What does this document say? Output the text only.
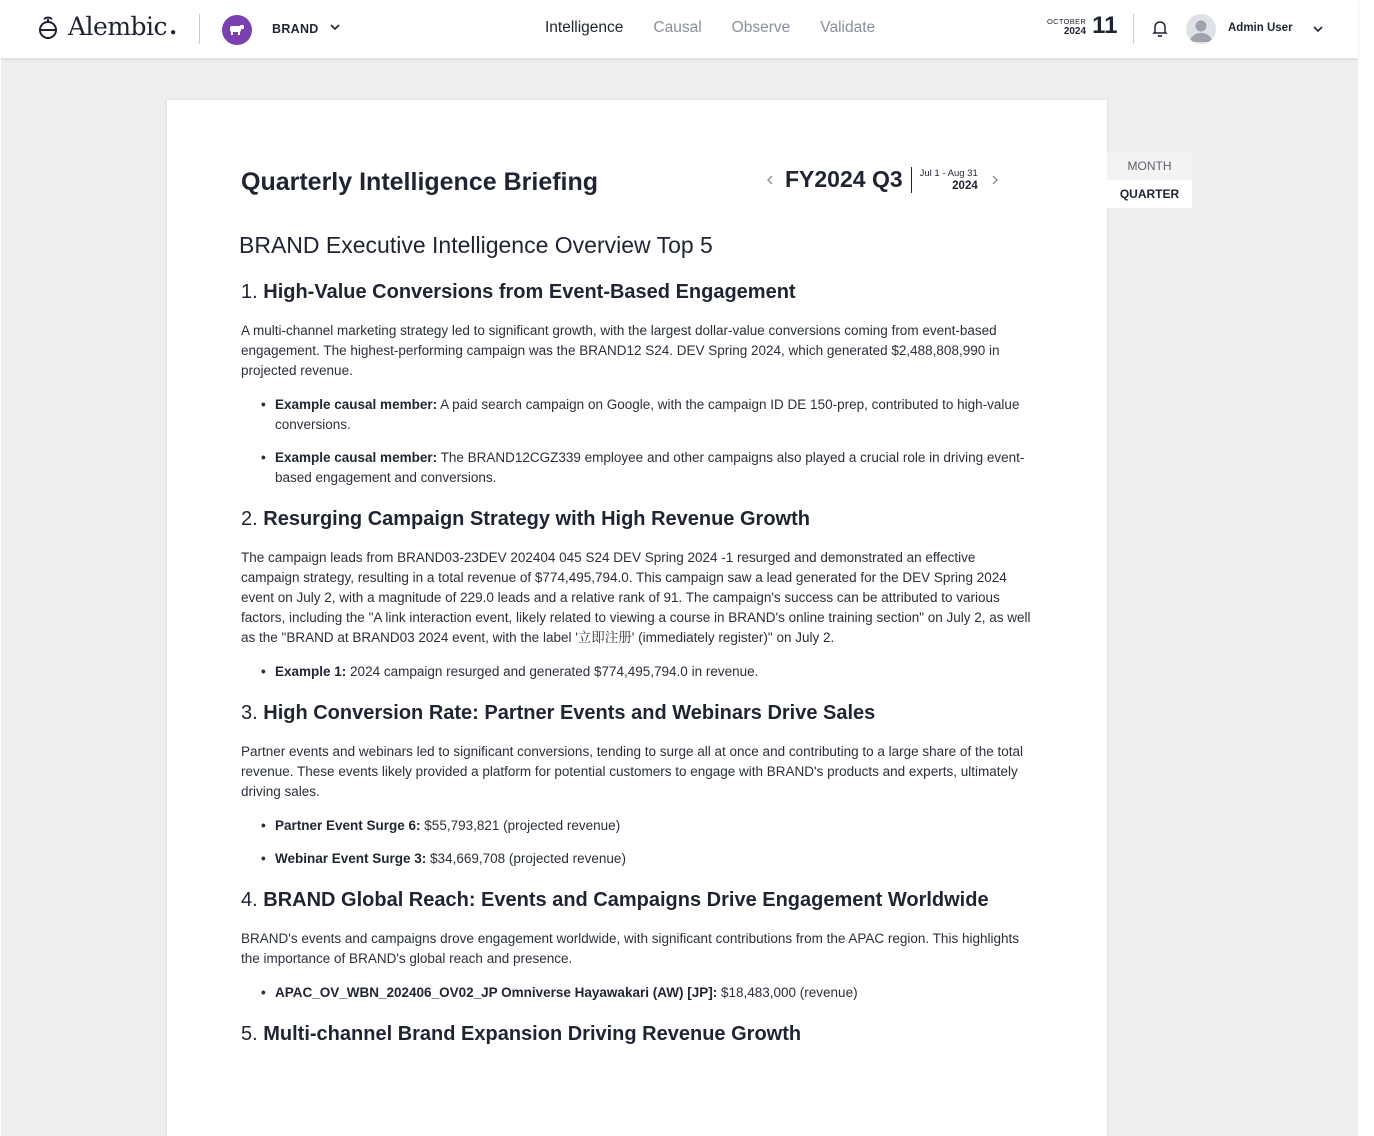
Alembic ●	BRAND	Intelligence Causal Observe Validate	OCTOBER
2024 11	Admin User
Quarterly Intelligence Briefing	FY2024 Q3 Jul 1 - Aug 31
2024
BRAND Executive Intelligence Overview Top 5
1. High-Value Conversions from Event-Based Engagement

A multi-channel marketing strategy led to significant growth, with the largest dollar-value conversions coming from event-based engagement. The highest-performing campaign was the BRAND12 S24. DEV Spring 2024, which generated $2,488,808,990 in projected revenue.

• Example causal member: A paid search campaign on Google, with the campaign ID DE 150-prep, contributed to high-value conversions.
• Example causal member: The BRAND12CGZ339 employee and other campaigns also played a crucial role in driving event-based engagement and conversions.
2. Resurging Campaign Strategy with High Revenue Growth

The campaign leads from BRAND03-23DEV 202404 045 S24 DEV Spring 2024 -1 resurged and demonstrated an effective campaign strategy, resulting in a total revenue of $774,495,794.0. This campaign saw a lead generated for the DEV Spring 2024 event on July 2, with a magnitude of 229.0 leads and a relative rank of 91. The campaign's success can be attributed to various factors, including the "A link interaction event, likely related to viewing a course in BRAND's online training section" on July 2, as well as the "BRAND at BRAND03 2024 event, with the label '立即注册' (immediately register)" on July 2.

• Example 1: 2024 campaign resurged and generated $774,495,794.0 in revenue.
3. High Conversion Rate: Partner Events and Webinars Drive Sales

Partner events and webinars led to significant conversions, tending to surge all at once and contributing to a large share of the total revenue. These events likely provided a platform for potential customers to engage with BRAND's products and experts, ultimately driving sales.

• Partner Event Surge 6: $55,793,821 (projected revenue)
• Webinar Event Surge 3: $34,669,708 (projected revenue)
4. BRAND Global Reach: Events and Campaigns Drive Engagement Worldwide

BRAND's events and campaigns drove engagement worldwide, with significant contributions from the APAC region. This highlights the importance of BRAND's global reach and presence.

• APAC_OV_WBN_202406_OV02_JP Omniverse Hayawakari (AW) [JP]: $18,483,000 (revenue)
5. Multi-channel Brand Expansion Driving Revenue Growth
MONTH
QUARTER
